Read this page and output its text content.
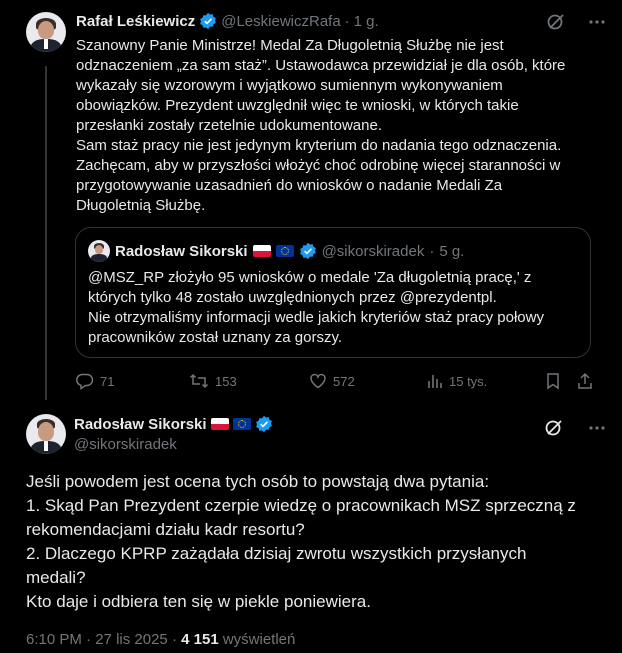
Rafał Leśkiewicz @LeskiewiczRafa · 1 g.

Szanowny Panie Ministrze! Medal Za Długoletnią Służbę nie jest

odznaczeniem „za sam staż”. Ustawodawca przewidział je dla osób, które

wykazały się wzorowym i wyjątkowo sumiennym wykonywaniem

obowiązków. Prezydent uwzględnił więc te wnioski, w których takie

przesłanki zostały rzetelnie udokumentowane.

Sam staż pracy nie jest jedynym kryterium do nadania tego odznaczenia.

Zachęcam, aby w przyszłości włożyć choć odrobinę więcej staranności w

przygotowywanie uzasadnień do wniosków o nadanie Medali Za

Długoletnią Służbę.

Radosław Sikorski	@sikorskiradek · 5 g.
@MSZ_RP złożyło 95 wniosków o medale 'Za długoletnią pracę,' z
których tylko 48 zostało uwzględnionych przez @prezydentpl.
Nie otrzymaliśmy informacji wedle jakich kryteriów staż pracy połowy
pracowników został uznany za gorszy.
71	153	572	15 tys.
Radosław Sikorski
@sikorskiradek

Jeśli powodem jest ocena tych osób to powstają dwa pytania:

1. Skąd Pan Prezydent czerpie wiedzę o pracownikach MSZ sprzeczną z

rekomendacjami działu kadr resortu?

2. Dlaczego KPRP zażądała dzisiaj zwrotu wszystkich przysłanych

medali?

Kto daje i odbiera ten się w piekle poniewiera.

6:10 PM · 27 lis 2025 · 4 151 wyświetleń
